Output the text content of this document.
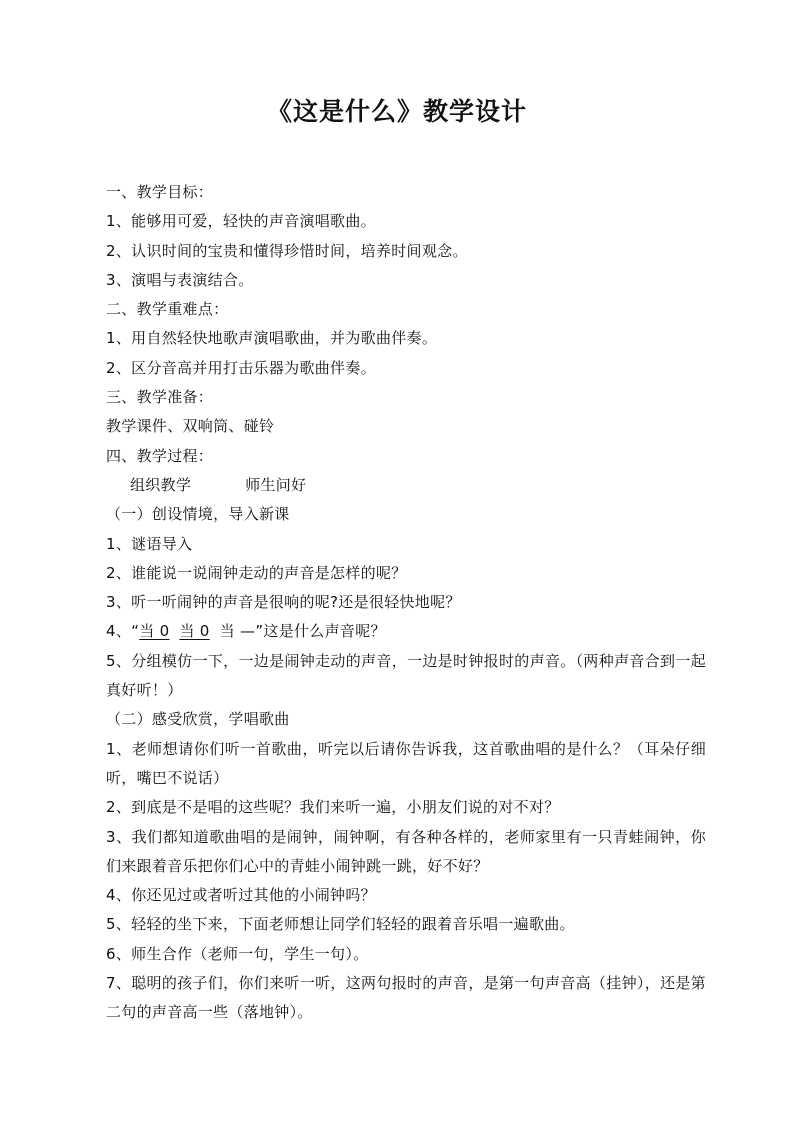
《这是什么》教学设计
一、教学目标：
1、能够用可爱，轻快的声音演唱歌曲。
2、认识时间的宝贵和懂得珍惜时间，培养时间观念。
3、演唱与表演结合。
二、教学重难点：
1、用自然轻快地歌声演唱歌曲，并为歌曲伴奏。
2、区分音高并用打击乐器为歌曲伴奏。
三、教学准备：
教学课件、双响筒、碰铃
四、教学过程：
组织教学	师生问好
（一）创设情境，导入新课
1、谜语导入
2、谁能说一说闹钟走动的声音是怎样的呢？
3、听一听闹钟的声音是很响的呢?还是很轻快地呢？
4、“当 0 当 0 当 —”这是什么声音呢？
5、分组模仿一下，一边是闹钟走动的声音，一边是时钟报时的声音。（两种声音合到一起真好听！）
（二）感受欣赏，学唱歌曲
1、老师想请你们听一首歌曲，听完以后请你告诉我，这首歌曲唱的是什么？（耳朵仔细听，嘴巴不说话）
2、到底是不是唱的这些呢？我们来听一遍，小朋友们说的对不对？
3、我们都知道歌曲唱的是闹钟，闹钟啊，有各种各样的，老师家里有一只青蛙闹钟，你们来跟着音乐把你们心中的青蛙小闹钟跳一跳，好不好？
4、你还见过或者听过其他的小闹钟吗？
5、轻轻的坐下来，下面老师想让同学们轻轻的跟着音乐唱一遍歌曲。
6、师生合作（老师一句，学生一句）。
7、聪明的孩子们，你们来听一听，这两句报时的声音，是第一句声音高（挂钟），还是第二句的声音高一些（落地钟）。
